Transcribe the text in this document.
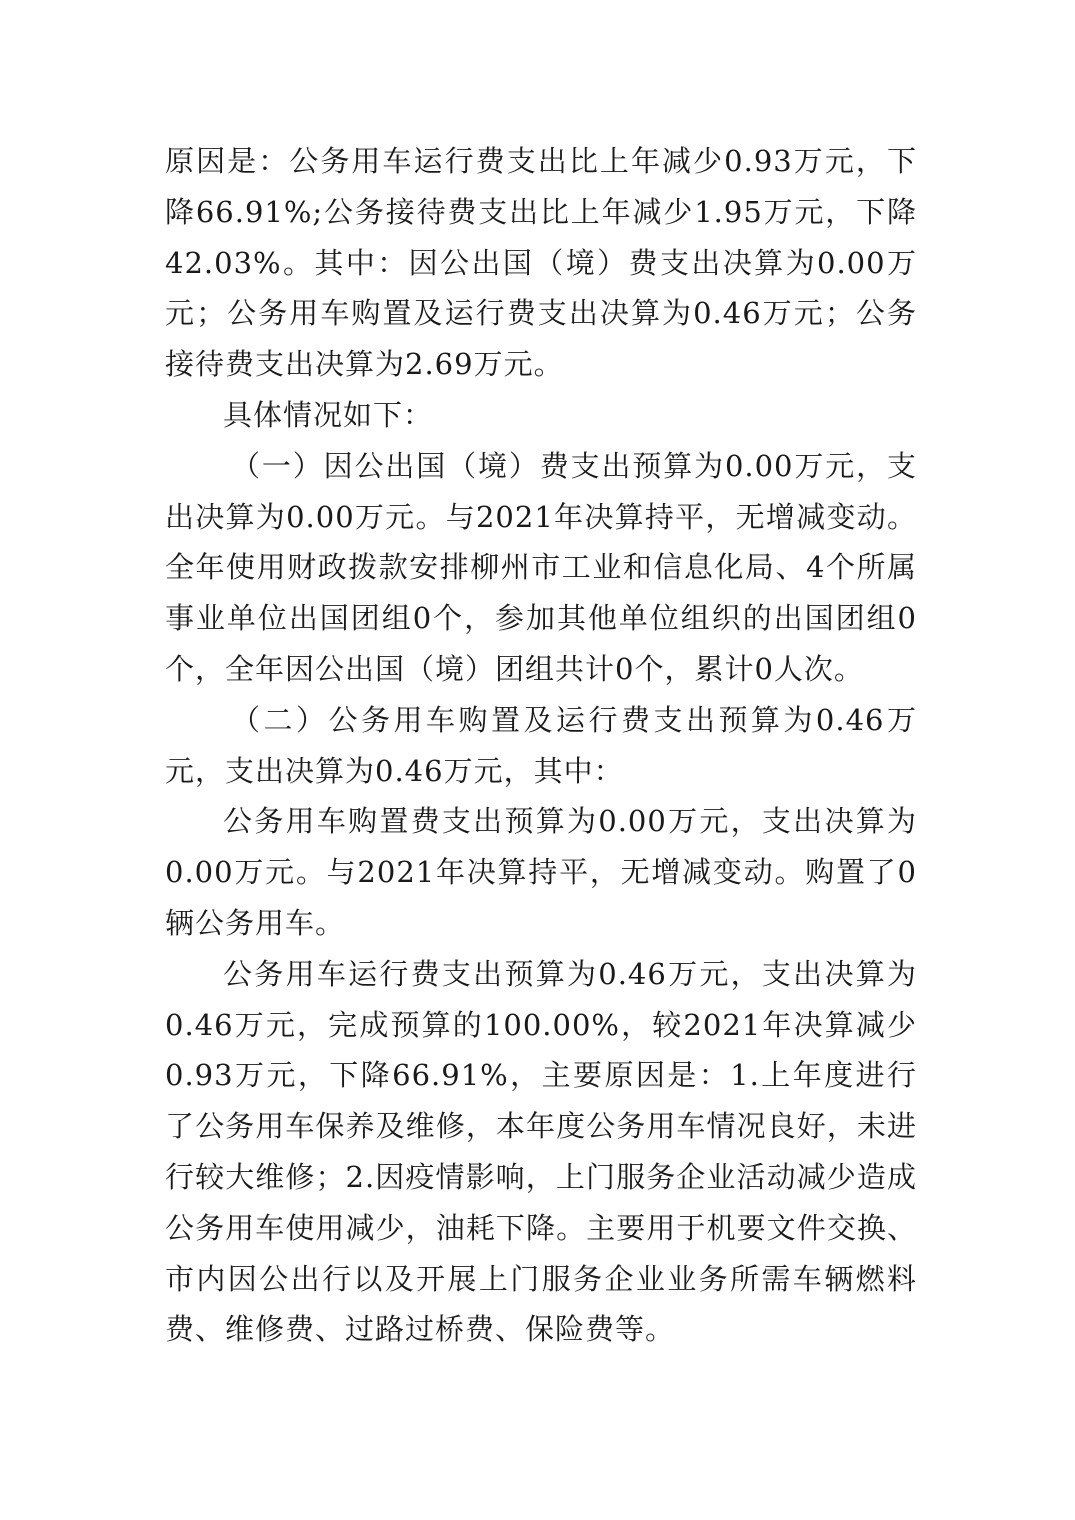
原因是：公务用车运行费支出比上年减少0.93万元，下降66.91%;公务接待费支出比上年减少1.95万元，下降42.03%。其中：因公出国（境）费支出决算为0.00万元；公务用车购置及运行费支出决算为0.46万元；公务接待费支出决算为2.69万元。

具体情况如下：

（一）因公出国（境）费支出预算为0.00万元，支出决算为0.00万元。与2021年决算持平，无增减变动。全年使用财政拨款安排柳州市工业和信息化局、4个所属事业单位出国团组0个，参加其他单位组织的出国团组0个，全年因公出国（境）团组共计0个，累计0人次。

（二）公务用车购置及运行费支出预算为0.46万元，支出决算为0.46万元，其中：

公务用车购置费支出预算为0.00万元，支出决算为0.00万元。与2021年决算持平，无增减变动。购置了0辆公务用车。

公务用车运行费支出预算为0.46万元，支出决算为0.46万元，完成预算的100.00%，较2021年决算减少0.93万元，下降66.91%，主要原因是：1.上年度进行了公务用车保养及维修，本年度公务用车情况良好，未进行较大维修；2.因疫情影响，上门服务企业活动减少造成公务用车使用减少，油耗下降。主要用于机要文件交换、市内因公出行以及开展上门服务企业业务所需车辆燃料费、维修费、过路过桥费、保险费等。
